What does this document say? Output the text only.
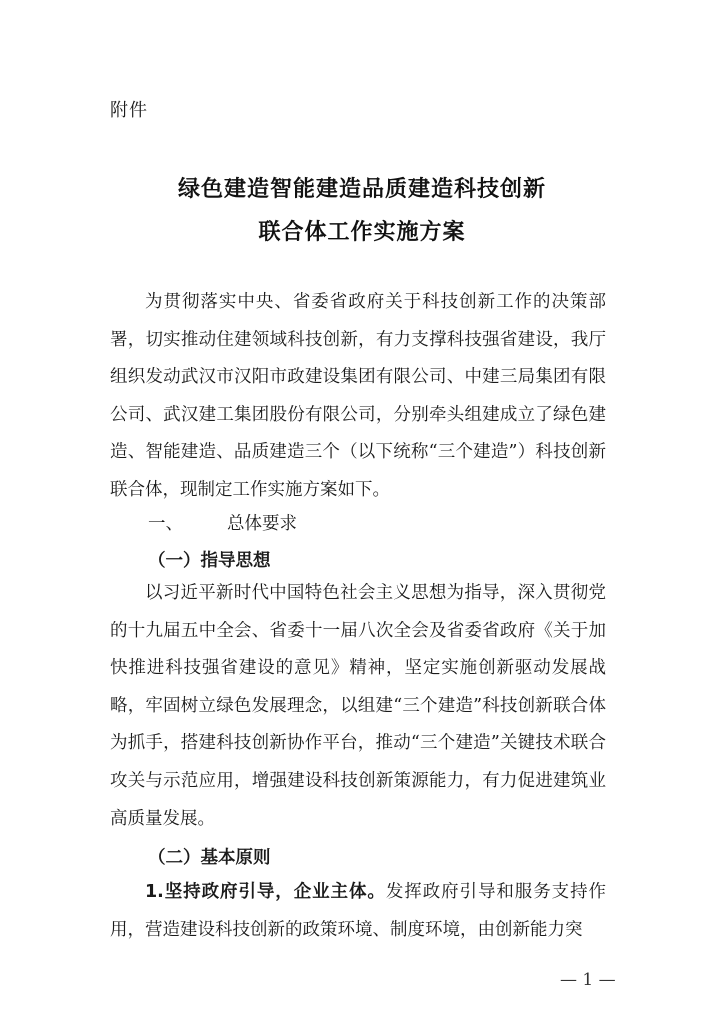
附件
绿色建造智能建造品质建造科技创新
联合体工作实施方案

为贯彻落实中央、省委省政府关于科技创新工作的决策部署，切实推动住建领域科技创新，有力支撑科技强省建设，我厅组织发动武汉市汉阳市政建设集团有限公司、中建三局集团有限公司、武汉建工集团股份有限公司，分别牵头组建成立了绿色建造、智能建造、品质建造三个（以下统称“三个建造”）科技创新联合体，现制定工作实施方案如下。

一、	总体要求
（一）指导思想

以习近平新时代中国特色社会主义思想为指导，深入贯彻党的十九届五中全会、省委十一届八次全会及省委省政府《关于加快推进科技强省建设的意见》精神，坚定实施创新驱动发展战略，牢固树立绿色发展理念，以组建“三个建造”科技创新联合体为抓手，搭建科技创新协作平台，推动“三个建造”关键技术联合攻关与示范应用，增强建设科技创新策源能力，有力促进建筑业高质量发展。

（二）基本原则

1.坚持政府引导，企业主体。发挥政府引导和服务支持作用，营造建设科技创新的政策环境、制度环境，由创新能力突

— 1 —
